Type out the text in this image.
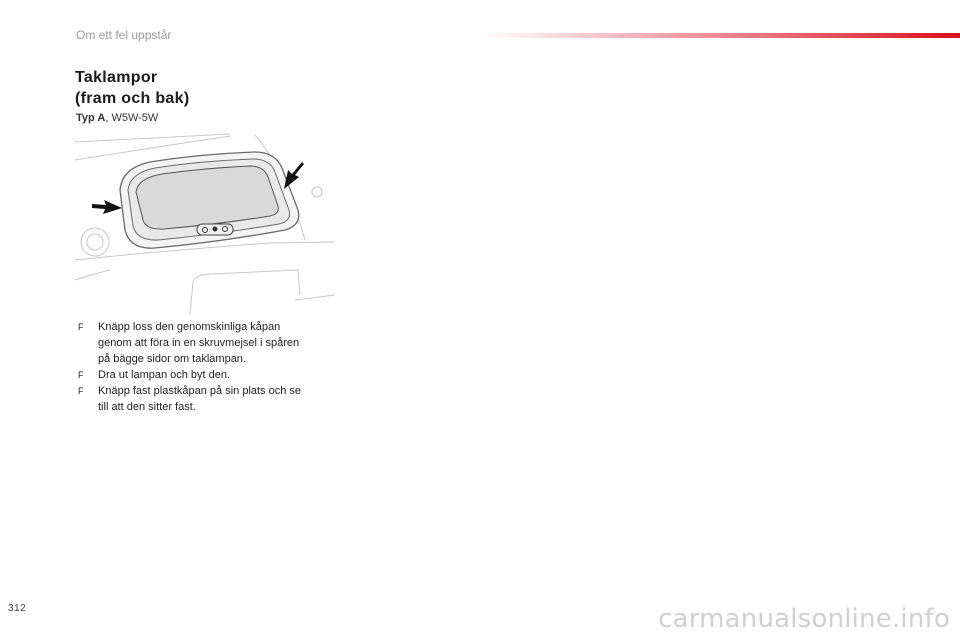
Om ett fel uppstår
Taklampor
(fram och bak)
Typ A, W5W-5W
F Knäpp loss den genomskinliga kåpan
genom att föra in en skruvmejsel i spåren
på bägge sidor om taklampan.
F Dra ut lampan och byt den.
F Knäpp fast plastkåpan på sin plats och se
till att den sitter fast.
312	carmanualsonline.info
